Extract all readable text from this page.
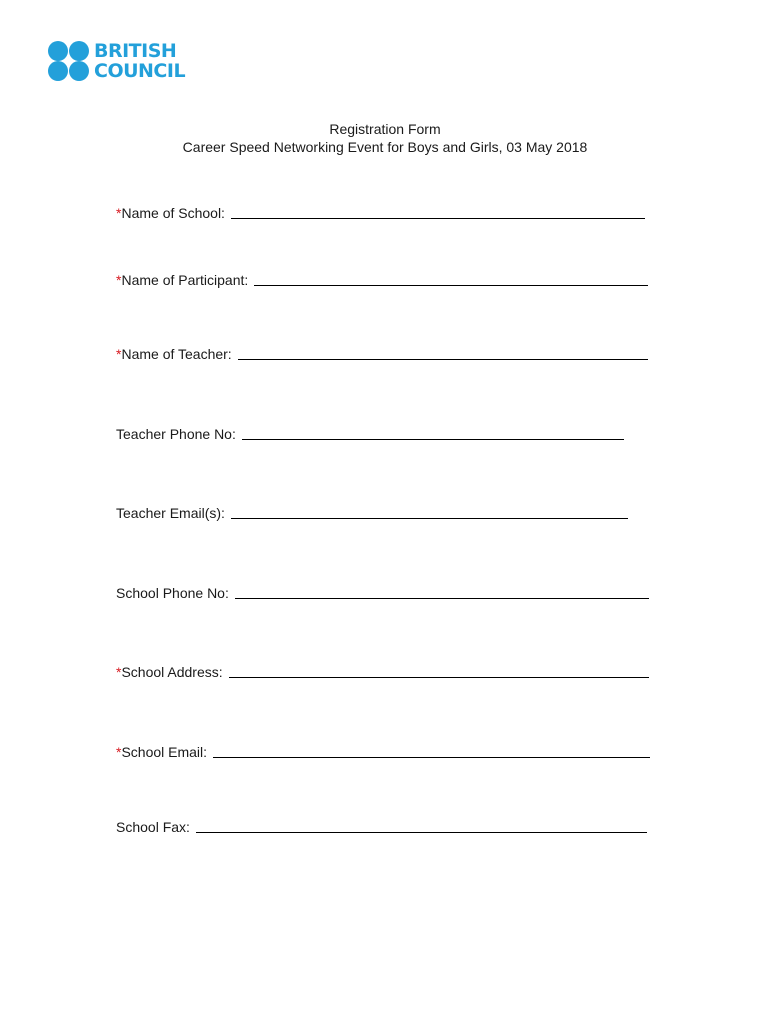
BRITISH
COUNCIL
Registration Form
Career Speed Networking Event for Boys and Girls, 03 May 2018
* Name of School:
* Name of Participant:
* Name of Teacher:
Teacher Phone No:
Teacher Email(s):
School Phone No:
* School Address:
* School Email:
School Fax:
